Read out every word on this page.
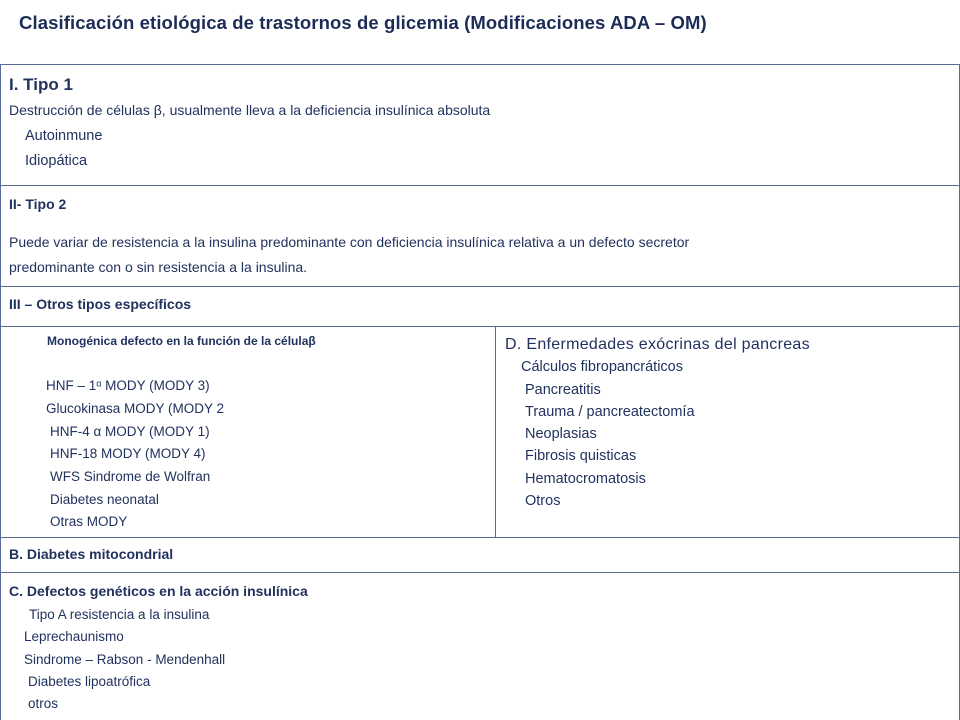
Clasificación etiológica de trastornos de glicemia (Modificaciones ADA – OM)
I. Tipo 1
Destrucción de células β, usualmente lleva a la deficiencia insulínica absoluta
Autoinmune
Idiopática
II- Tipo 2
Puede variar de resistencia a la insulina predominante con deficiencia insulínica relativa a un defecto secretor
predominante con o sin resistencia a la insulina.
III – Otros tipos específicos
Monogénica defecto en la función de la célulaβ
HNF – 1ᵅ MODY (MODY 3)
Glucokinasa MODY (MODY 2
HNF-4 α MODY (MODY 1)
HNF-18 MODY (MODY 4)
WFS Sindrome de Wolfran
Diabetes neonatal
Otras MODY
D. Enfermedades exócrinas del pancreas
Cálculos fibropancráticos
Pancreatitis
Trauma / pancreatectomía
Neoplasias
Fibrosis quisticas
Hematocromatosis
Otros
B. Diabetes mitocondrial
C. Defectos genéticos en la acción insulínica
Tipo A resistencia a la insulina
Leprechaunismo
Sindrome – Rabson - Mendenhall
Diabetes lipoatrófica
otros
